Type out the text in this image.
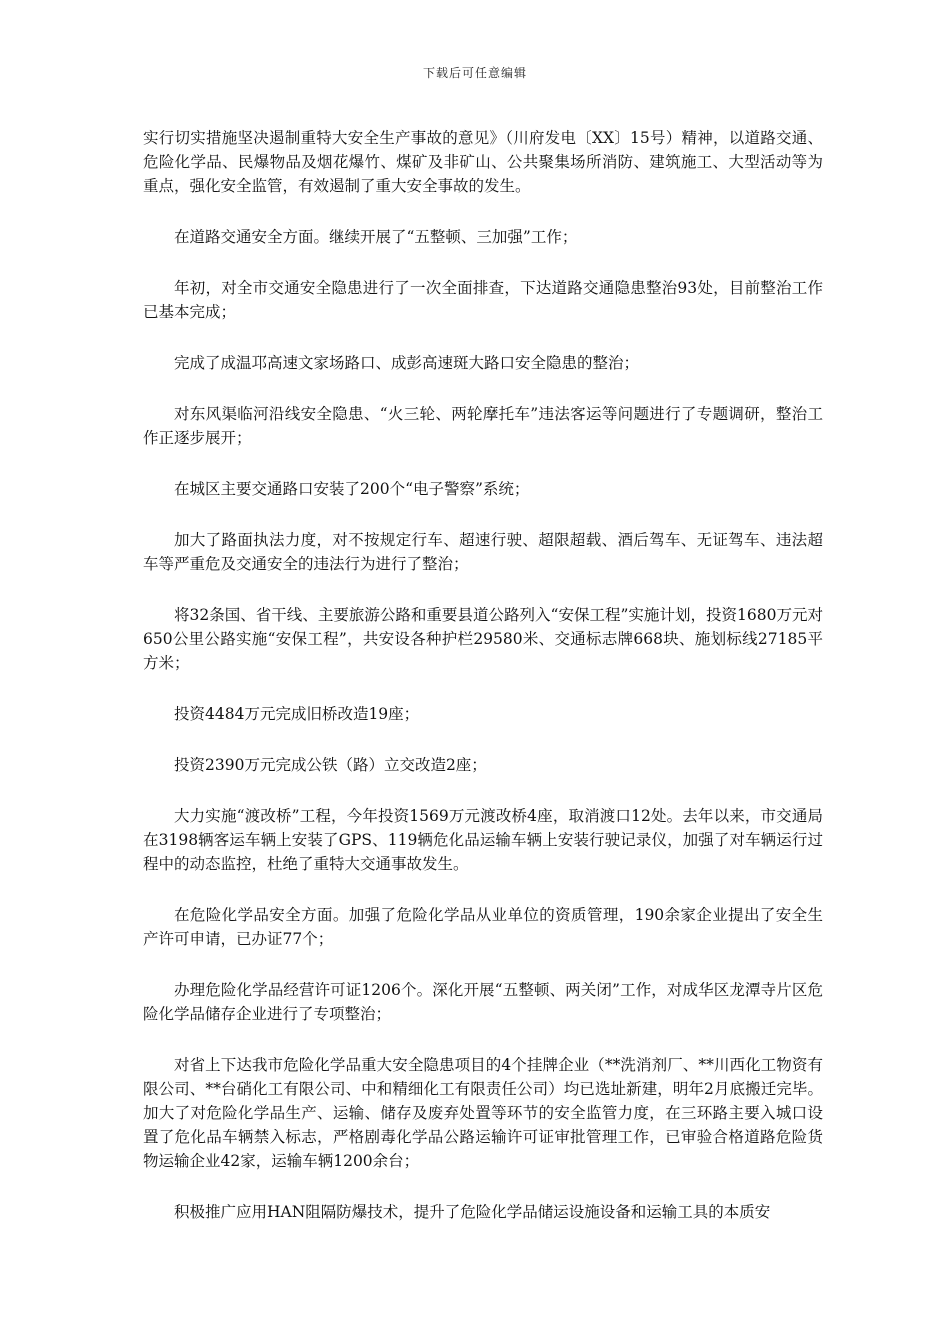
下载后可任意编辑

实行切实措施坚决遏制重特大安全生产事故的意见》（川府发电〔XX〕15号）精神，以道路交通、危险化学品、民爆物品及烟花爆竹、煤矿及非矿山、公共聚集场所消防、建筑施工、大型活动等为重点，强化安全监管，有效遏制了重大安全事故的发生。

在道路交通安全方面。继续开展了“五整顿、三加强”工作；

年初，对全市交通安全隐患进行了一次全面排查，下达道路交通隐患整治93处，目前整治工作已基本完成；

完成了成温邛高速文家场路口、成彭高速斑大路口安全隐患的整治；

对东风渠临河沿线安全隐患、“火三轮、两轮摩托车”违法客运等问题进行了专题调研，整治工作正逐步展开；

在城区主要交通路口安装了200个“电子警察”系统；

加大了路面执法力度，对不按规定行车、超速行驶、超限超载、酒后驾车、无证驾车、违法超车等严重危及交通安全的违法行为进行了整治；

将32条国、省干线、主要旅游公路和重要县道公路列入“安保工程”实施计划，投资1680万元对650公里公路实施“安保工程”，共安设各种护栏29580米、交通标志牌668块、施划标线27185平方米；

投资4484万元完成旧桥改造19座；

投资2390万元完成公铁（路）立交改造2座；

大力实施“渡改桥”工程，今年投资1569万元渡改桥4座，取消渡口12处。去年以来，市交通局在3198辆客运车辆上安装了GPS、119辆危化品运输车辆上安装行驶记录仪，加强了对车辆运行过程中的动态监控，杜绝了重特大交通事故发生。

在危险化学品安全方面。加强了危险化学品从业单位的资质管理，190余家企业提出了安全生产许可申请，已办证77个；

办理危险化学品经营许可证1206个。深化开展“五整顿、两关闭”工作，对成华区龙潭寺片区危险化学品储存企业进行了专项整治；

对省上下达我市危险化学品重大安全隐患项目的4个挂牌企业（**洗消剂厂、**川西化工物资有限公司、**台硝化工有限公司、中和精细化工有限责任公司）均已选址新建，明年2月底搬迁完毕。加大了对危险化学品生产、运输、储存及废弃处置等环节的安全监管力度，在三环路主要入城口设置了危化品车辆禁入标志，严格剧毒化学品公路运输许可证审批管理工作，已审验合格道路危险货物运输企业42家，运输车辆1200余台；

积极推广应用HAN阻隔防爆技术，提升了危险化学品储运设施设备和运输工具的本质安
